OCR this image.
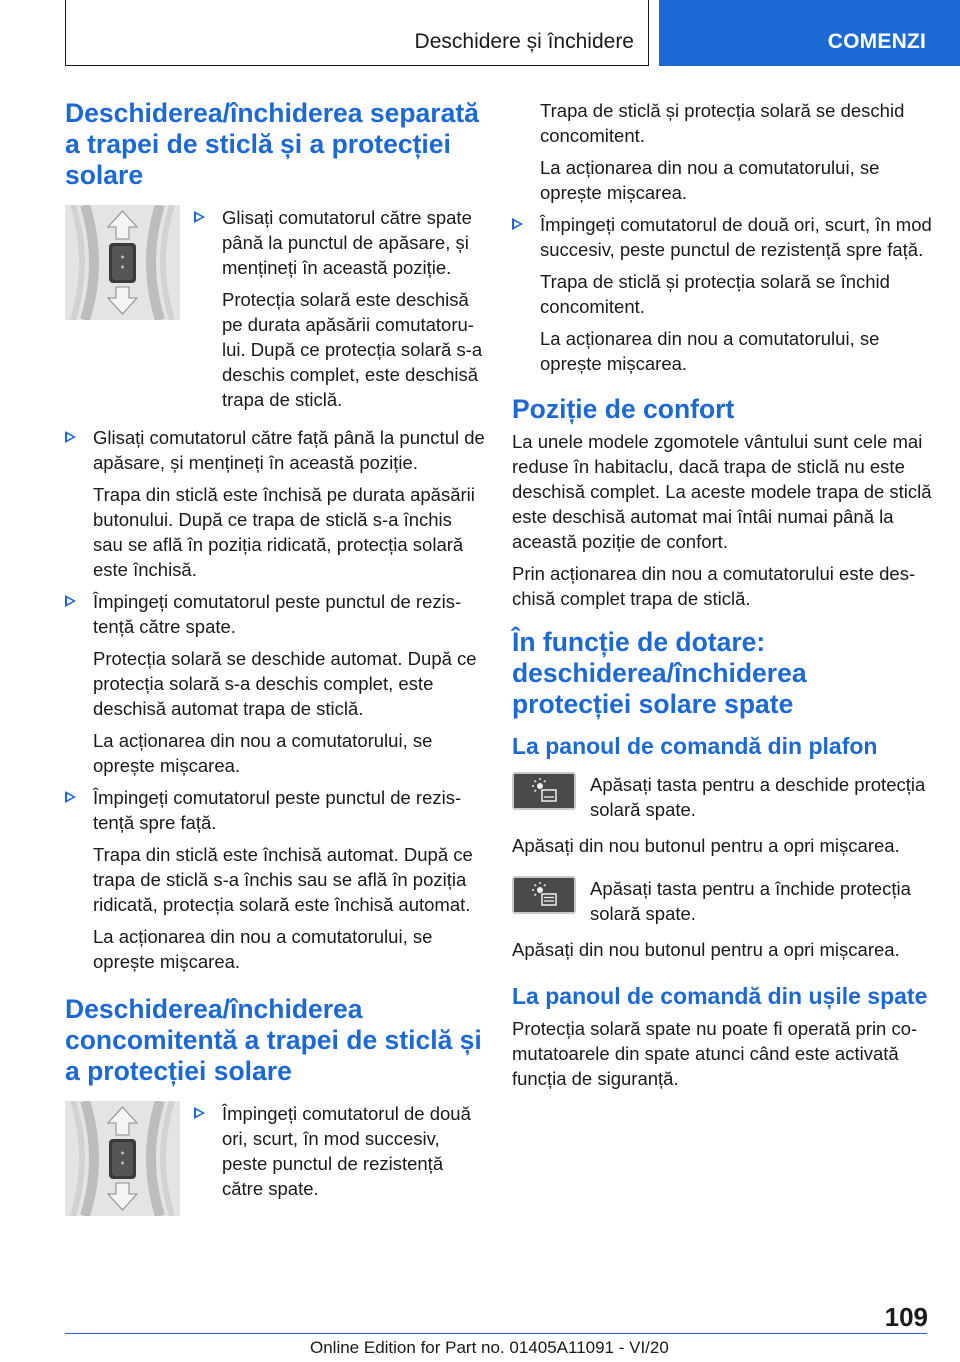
Deschidere și închidere	COMENZI
Deschiderea/închiderea separată a trapei de sticlă și a protecției solare

Glisați comutatorul către spate până la punctul de apăsare, și mențineți în această poziție.

Protecția solară este deschisă pe durata apăsării comutatorului. După ce protecția solară s-a deschis complet, este deschisă trapa de sticlă.

Glisați comutatorul către față până la punctul de apăsare, și mențineți în această poziție.

Trapa din sticlă este închisă pe durata apăsării butonului. După ce trapa de sticlă s-a închis sau se află în poziția ridicată, protecția solară este închisă.

Împingeți comutatorul peste punctul de rezistență către spate.

Protecția solară se deschide automat. După ce protecția solară s-a deschis complet, este deschisă automat trapa de sticlă.

La acționarea din nou a comutatorului, se oprește mișcarea.

Împingeți comutatorul peste punctul de rezistență spre față.

Trapa din sticlă este închisă automat. După ce trapa de sticlă s-a închis sau se află în poziția ridicată, protecția solară este închisă automat.

La acționarea din nou a comutatorului, se oprește mișcarea.

Deschiderea/închiderea concomitentă a trapei de sticlă și a protecției solare

Împingeți comutatorul de două ori, scurt, în mod succesiv, peste punctul de rezistență către spate.

Trapa de sticlă și protecția solară se deschid concomitent.

La acționarea din nou a comutatorului, se oprește mișcarea.

Împingeți comutatorul de două ori, scurt, în mod succesiv, peste punctul de rezistență spre față.

Trapa de sticlă și protecția solară se închid concomitent.

La acționarea din nou a comutatorului, se oprește mișcarea.

Poziție de confort

La unele modele zgomotele vântului sunt cele mai reduse în habitaclu, dacă trapa de sticlă nu este deschisă complet. La aceste modele trapa de sticlă este deschisă automat mai întâi numai până la această poziție de confort.

Prin acționarea din nou a comutatorului este deschisă complet trapa de sticlă.

În funcție de dotare: deschiderea/închiderea protecției solare spate
La panoul de comandă din plafon

Apăsați tasta pentru a deschide protecția solară spate.

Apăsați din nou butonul pentru a opri mișcarea.

Apăsați tasta pentru a închide protecția solară spate.

Apăsați din nou butonul pentru a opri mișcarea.

La panoul de comandă din ușile spate

Protecția solară spate nu poate fi operată prin comutatoarele din spate atunci când este activată funcția de siguranță.

109
Online Edition for Part no. 01405A11091 - VI/20
